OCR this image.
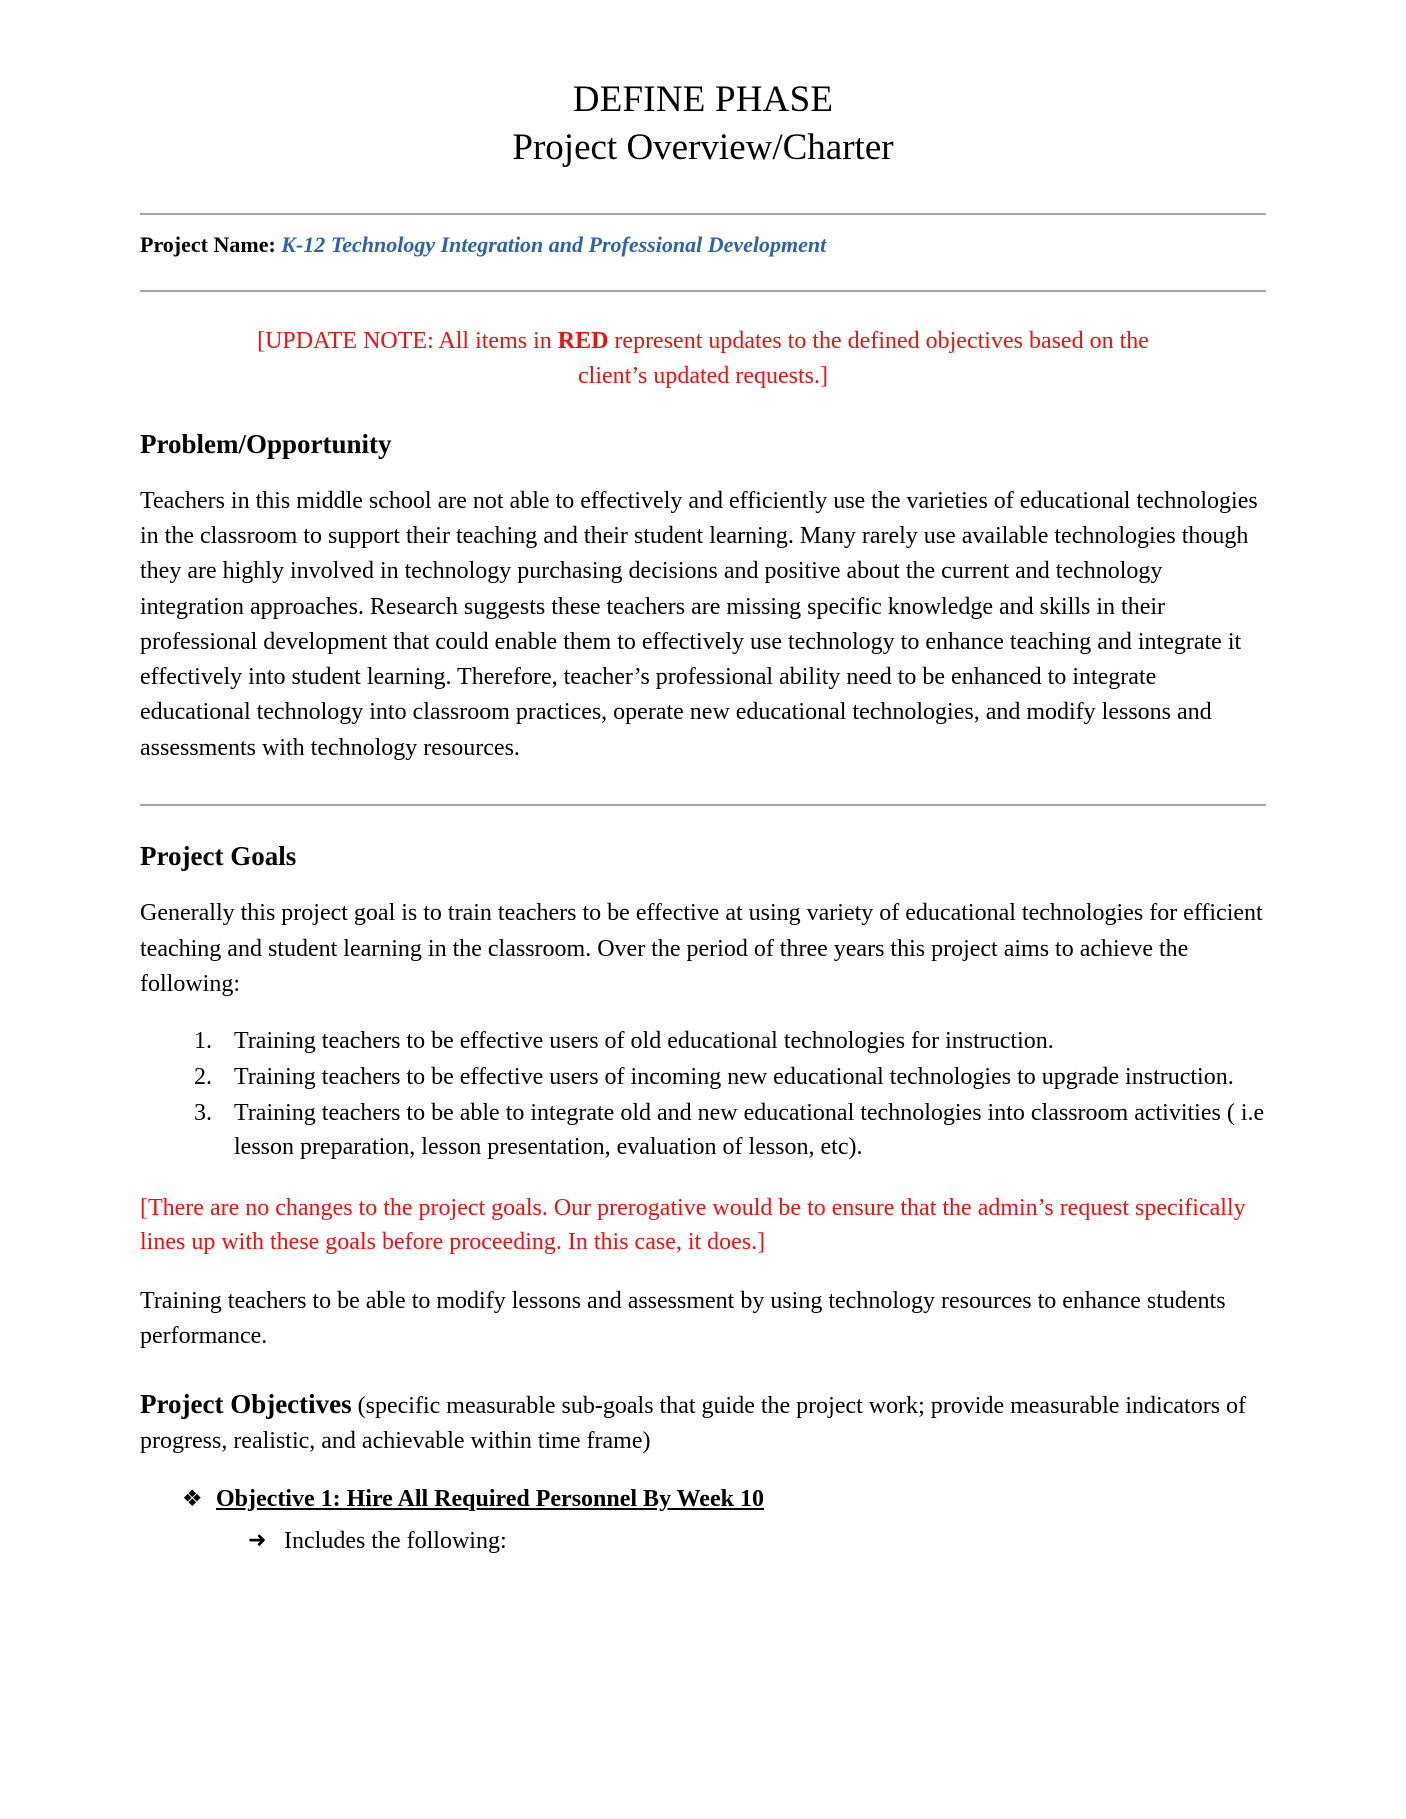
DEFINE PHASE
Project Overview/Charter
Project Name: K-12 Technology Integration and Professional Development
[UPDATE NOTE: All items in RED represent updates to the defined objectives based on the client’s updated requests.]
Problem/Opportunity

Teachers in this middle school are not able to effectively and efficiently use the varieties of educational technologies in the classroom to support their teaching and their student learning. Many rarely use available technologies though they are highly involved in technology purchasing decisions and positive about the current and technology integration approaches. Research suggests these teachers are missing specific knowledge and skills in their professional development that could enable them to effectively use technology to enhance teaching and integrate it effectively into student learning. Therefore, teacher’s professional ability need to be enhanced to integrate educational technology into classroom practices, operate new educational technologies, and modify lessons and assessments with technology resources.

Project Goals

Generally this project goal is to train teachers to be effective at using variety of educational technologies for efficient teaching and student learning in the classroom. Over the period of three years this project aims to achieve the following:

1. Training teachers to be effective users of old educational technologies for instruction.
2. Training teachers to be effective users of incoming new educational technologies to upgrade instruction.
3. Training teachers to be able to integrate old and new educational technologies into classroom activities ( i.e lesson preparation, lesson presentation, evaluation of lesson, etc).

[There are no changes to the project goals. Our prerogative would be to ensure that the admin’s request specifically lines up with these goals before proceeding. In this case, it does.]

Training teachers to be able to modify lessons and assessment by using technology resources to enhance students performance.

Project Objectives (specific measurable sub-goals that guide the project work; provide measurable indicators of progress, realistic, and achievable within time frame)
❖ Objective 1: Hire All Required Personnel By Week 10
➜ Includes the following:
